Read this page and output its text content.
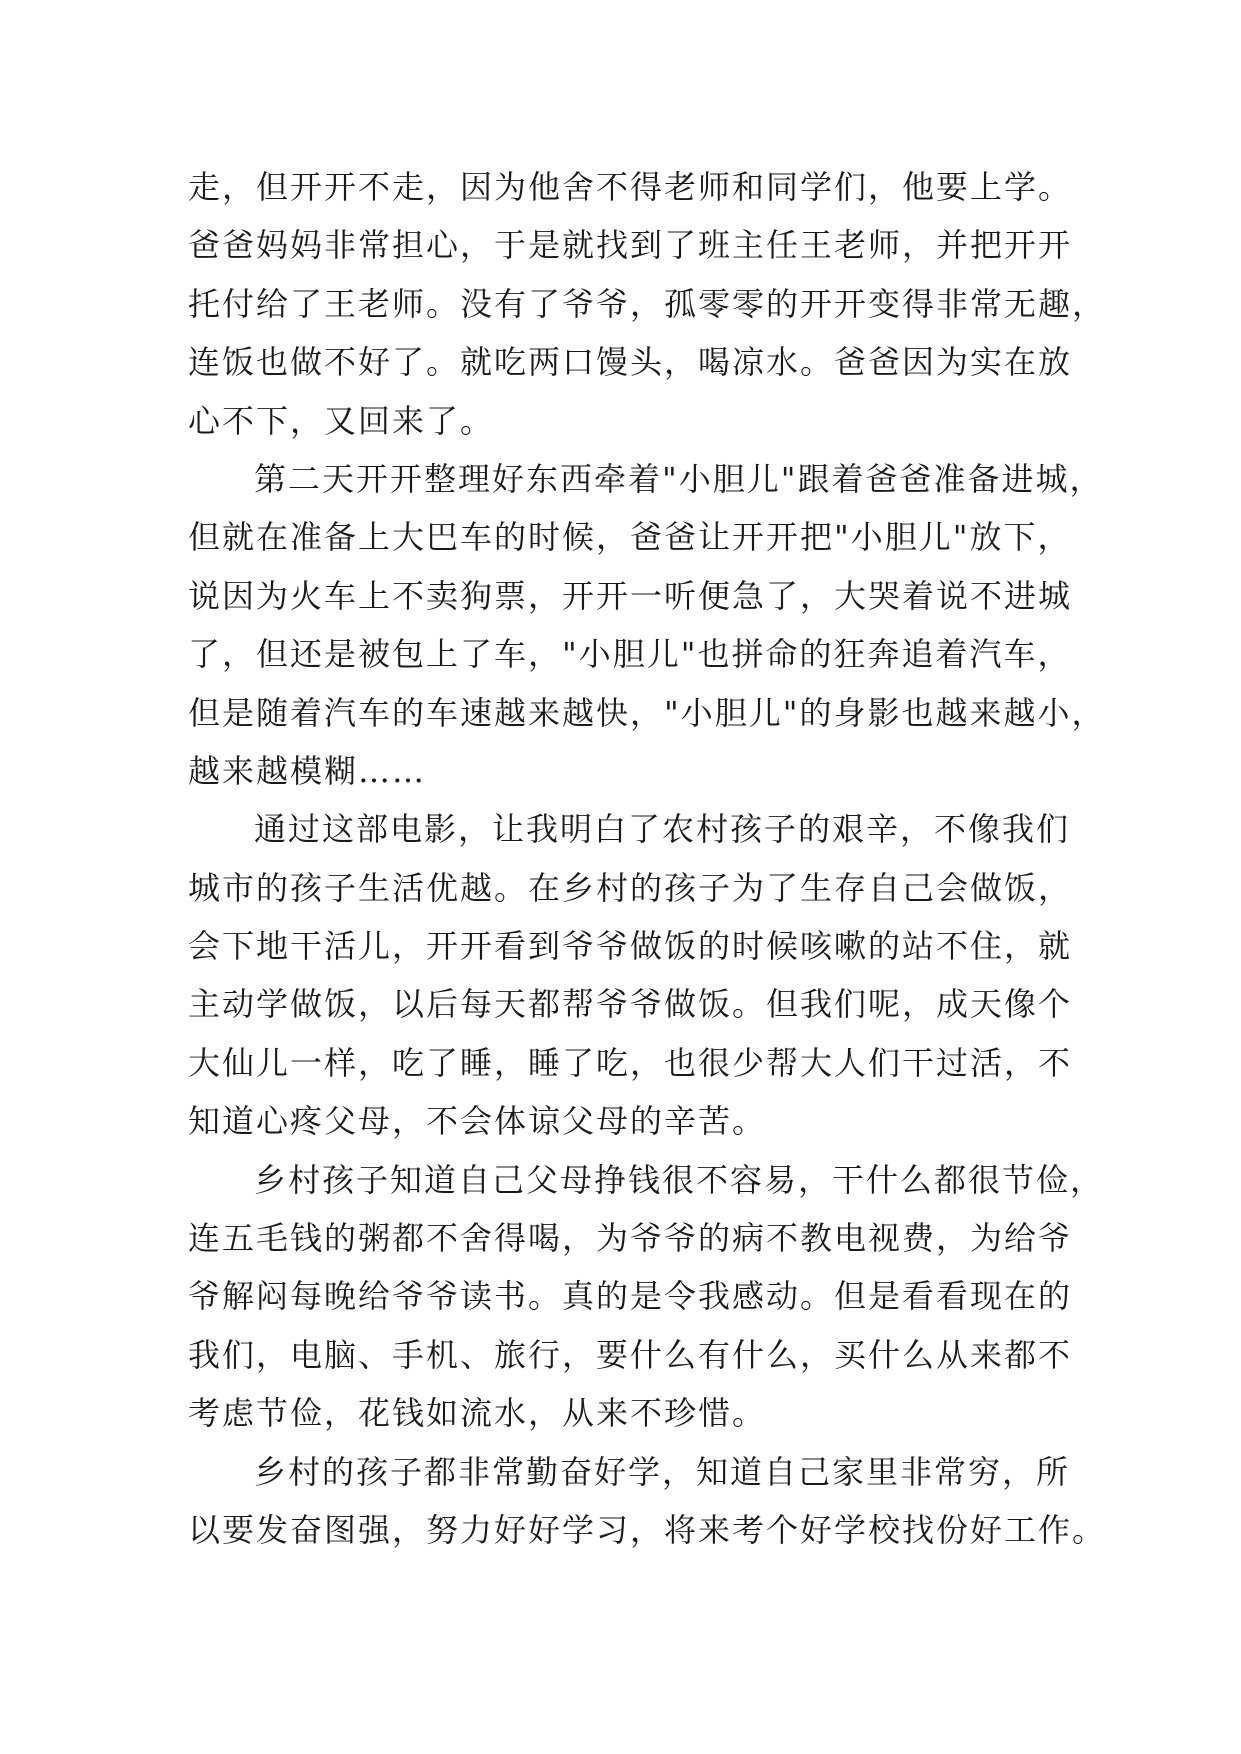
走，但开开不走，因为他舍不得老师和同学们，他要上学。
爸爸妈妈非常担心，于是就找到了班主任王老师，并把开开
托付给了王老师。没有了爷爷，孤零零的开开变得非常无趣，
连饭也做不好了。就吃两口馒头，喝凉水。爸爸因为实在放
心不下，又回来了。
第二天开开整理好东西牵着"小胆儿"跟着爸爸准备进城，
但就在准备上大巴车的时候，爸爸让开开把"小胆儿"放下，
说因为火车上不卖狗票，开开一听便急了，大哭着说不进城
了，但还是被包上了车，"小胆儿"也拼命的狂奔追着汽车，
但是随着汽车的车速越来越快，"小胆儿"的身影也越来越小，
越来越模糊……
通过这部电影，让我明白了农村孩子的艰辛，不像我们
城市的孩子生活优越。在乡村的孩子为了生存自己会做饭，
会下地干活儿，开开看到爷爷做饭的时候咳嗽的站不住，就
主动学做饭，以后每天都帮爷爷做饭。但我们呢，成天像个
大仙儿一样，吃了睡，睡了吃，也很少帮大人们干过活，不
知道心疼父母，不会体谅父母的辛苦。
乡村孩子知道自己父母挣钱很不容易，干什么都很节俭，
连五毛钱的粥都不舍得喝，为爷爷的病不教电视费，为给爷
爷解闷每晚给爷爷读书。真的是令我感动。但是看看现在的
我们，电脑、手机、旅行，要什么有什么，买什么从来都不
考虑节俭，花钱如流水，从来不珍惜。
乡村的孩子都非常勤奋好学，知道自己家里非常穷，所
以要发奋图强，努力好好学习，将来考个好学校找份好工作。
